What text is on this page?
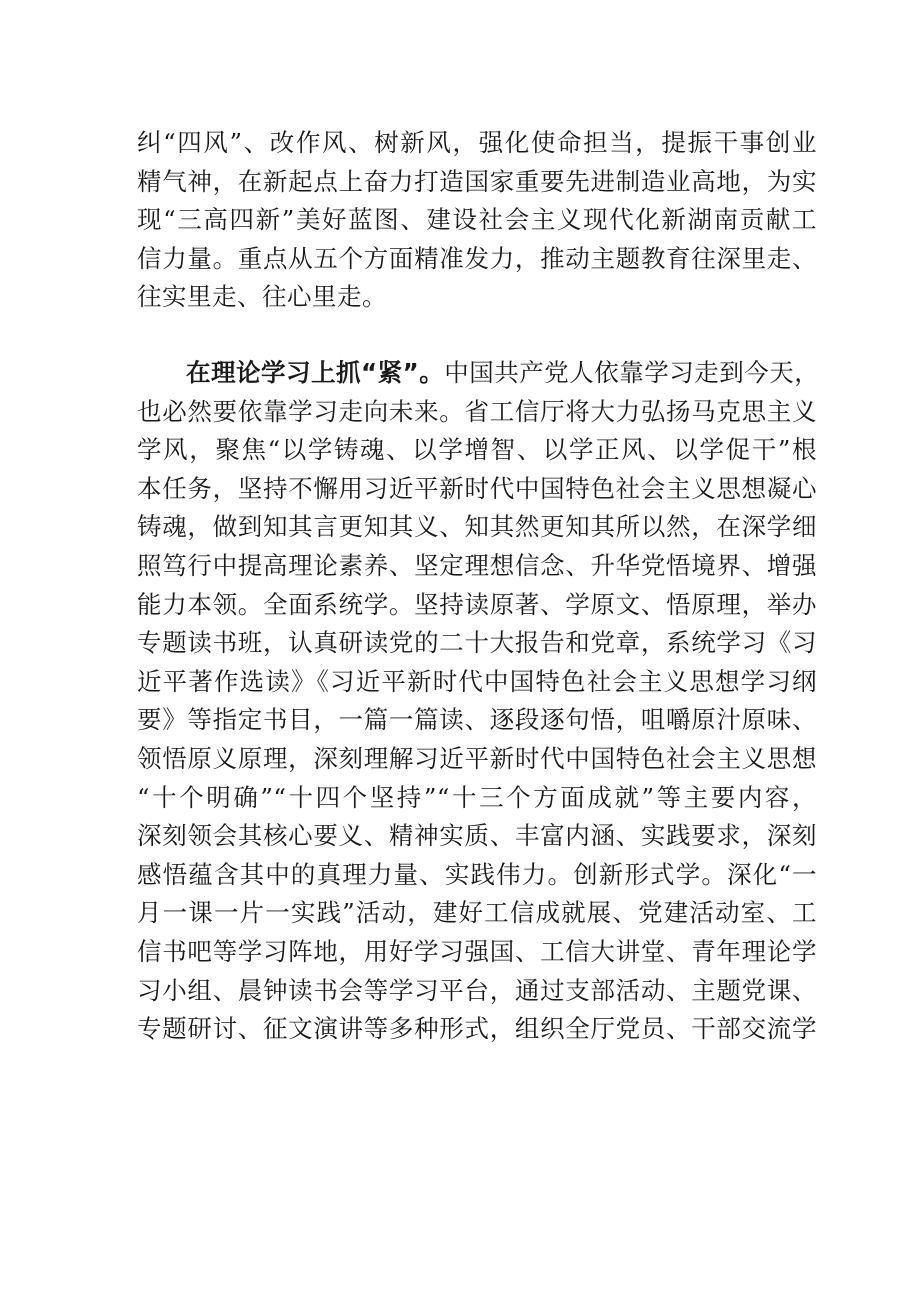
纠“四风”、改作风、树新风，强化使命担当，提振干事创业
精气神，在新起点上奋力打造国家重要先进制造业高地，为实
现“三高四新”美好蓝图、建设社会主义现代化新湖南贡献工
信力量。重点从五个方面精准发力，推动主题教育往深里走、
往实里走、往心里走。
在理论学习上抓“紧”。中国共产党人依靠学习走到今天，
也必然要依靠学习走向未来。省工信厅将大力弘扬马克思主义
学风，聚焦“以学铸魂、以学增智、以学正风、以学促干”根
本任务，坚持不懈用习近平新时代中国特色社会主义思想凝心
铸魂，做到知其言更知其义、知其然更知其所以然，在深学细
照笃行中提高理论素养、坚定理想信念、升华党悟境界、增强
能力本领。全面系统学。坚持读原著、学原文、悟原理，举办
专题读书班，认真研读党的二十大报告和党章，系统学习《习
近平著作选读》《习近平新时代中国特色社会主义思想学习纲
要》等指定书目，一篇一篇读、逐段逐句悟，咀嚼原汁原味、
领悟原义原理，深刻理解习近平新时代中国特色社会主义思想
“十个明确”“十四个坚持”“十三个方面成就”等主要内容，
深刻领会其核心要义、精神实质、丰富内涵、实践要求，深刻
感悟蕴含其中的真理力量、实践伟力。创新形式学。深化“一
月一课一片一实践”活动，建好工信成就展、党建活动室、工
信书吧等学习阵地，用好学习强国、工信大讲堂、青年理论学
习小组、晨钟读书会等学习平台，通过支部活动、主题党课、
专题研讨、征文演讲等多种形式，组织全厅党员、干部交流学
